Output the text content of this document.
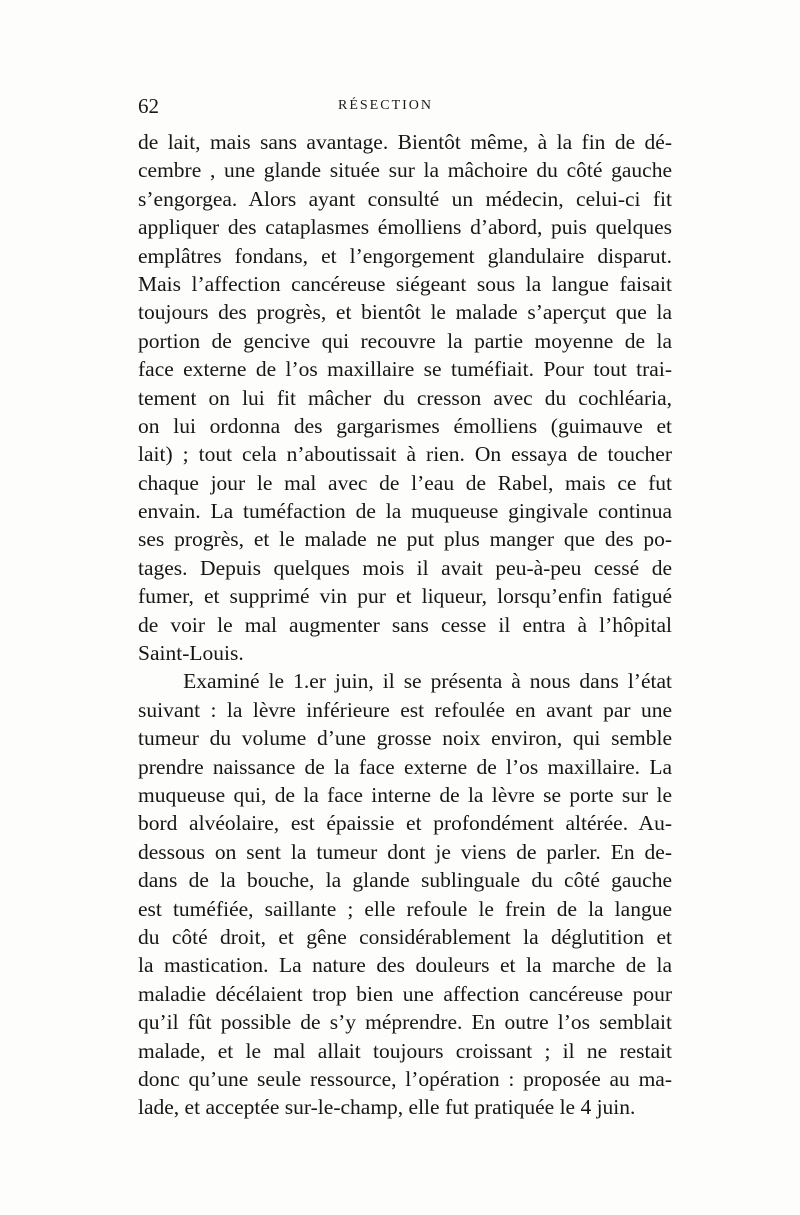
62	RÉSECTION
de lait, mais sans avantage. Bientôt même, à la fin de dé-
cembre , une glande située sur la mâchoire du côté gauche
s’engorgea. Alors ayant consulté un médecin, celui-ci fit
appliquer des cataplasmes émolliens d’abord, puis quelques
emplâtres fondans, et l’engorgement glandulaire disparut.
Mais l’affection cancéreuse siégeant sous la langue faisait
toujours des progrès, et bientôt le malade s’aperçut que la
portion de gencive qui recouvre la partie moyenne de la
face externe de l’os maxillaire se tuméfiait. Pour tout trai-
tement on lui fit mâcher du cresson avec du cochléaria,
on lui ordonna des gargarismes émolliens (guimauve et
lait) ; tout cela n’aboutissait à rien. On essaya de toucher
chaque jour le mal avec de l’eau de Rabel, mais ce fut
envain. La tuméfaction de la muqueuse gingivale continua
ses progrès, et le malade ne put plus manger que des po-
tages. Depuis quelques mois il avait peu-à-peu cessé de
fumer, et supprimé vin pur et liqueur, lorsqu’enfin fatigué
de voir le mal augmenter sans cesse il entra à l’hôpital
Saint-Louis.
Examiné le 1.er juin, il se présenta à nous dans l’état
suivant : la lèvre inférieure est refoulée en avant par une
tumeur du volume d’une grosse noix environ, qui semble
prendre naissance de la face externe de l’os maxillaire. La
muqueuse qui, de la face interne de la lèvre se porte sur le
bord alvéolaire, est épaissie et profondément altérée. Au-
dessous on sent la tumeur dont je viens de parler. En de-
dans de la bouche, la glande sublinguale du côté gauche
est tuméfiée, saillante ; elle refoule le frein de la langue
du côté droit, et gêne considérablement la déglutition et
la mastication. La nature des douleurs et la marche de la
maladie décélaient trop bien une affection cancéreuse pour
qu’il fût possible de s’y méprendre. En outre l’os semblait
malade, et le mal allait toujours croissant ; il ne restait
donc qu’une seule ressource, l’opération : proposée au ma-
lade, et acceptée sur-le-champ, elle fut pratiquée le 4 juin.
